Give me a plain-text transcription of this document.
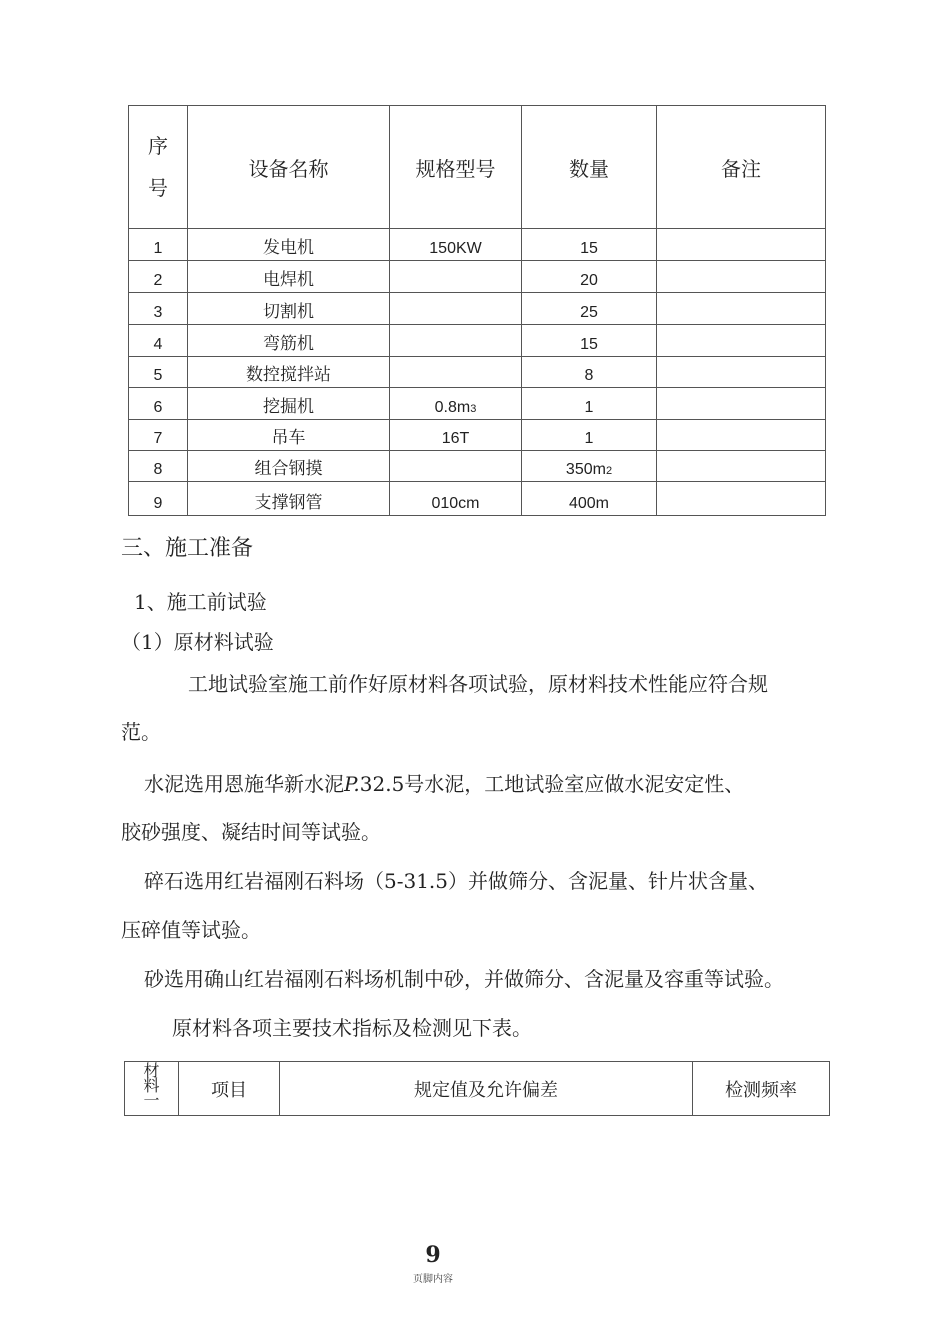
序
号	设备名称	规格型号	数量	备注
1	发电机	150KW	15	
2	电焊机		20	
3	切割机		25	
4	弯筋机		15	
5	数控搅拌站		8	
6	挖掘机	0.8m3	1	
7	吊车	16T	1	
8	组合钢摸		350m2	
9	支撑钢管	010cm	400m	
三、施工准备
1、施工前试验
（1）原材料试验
工地试验室施工前作好原材料各项试验，原材料技术性能应符合规
范。
水泥选用恩施华新水泥P.32.5号水泥，工地试验室应做水泥安定性、
胶砂强度、凝结时间等试验。
碎石选用红岩福刚石料场（5-31.5）并做筛分、含泥量、针片状含量、
压碎值等试验。
砂选用确山红岩福刚石料场机制中砂，并做筛分、含泥量及容重等试验。
原材料各项主要技术指标及检测见下表。
材
料
一	项目	规定值及允许偏差	检测频率
9
页脚内容
